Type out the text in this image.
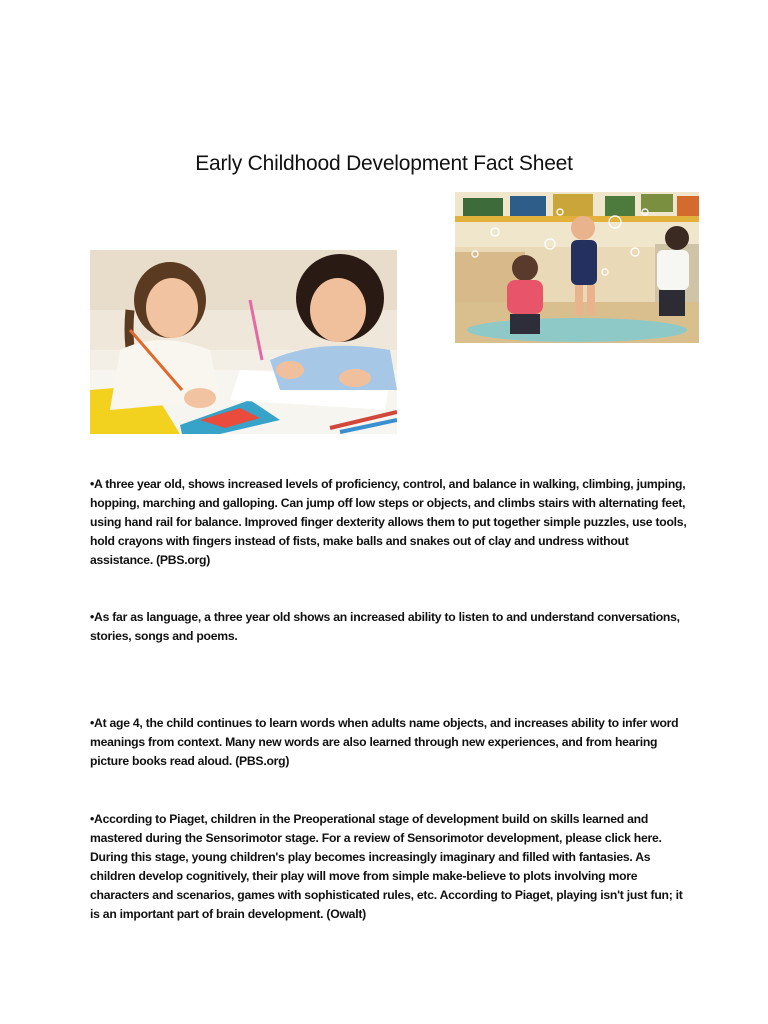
Early Childhood Development Fact Sheet

•A three year old, shows increased levels of proficiency, control, and balance in walking, climbing, jumping, hopping, marching and galloping. Can jump off low steps or objects, and climbs stairs with alternating feet, using hand rail for balance. Improved finger dexterity allows them to put together simple puzzles, use tools, hold crayons with fingers instead of fists, make balls and snakes out of clay and undress without assistance. (PBS.org)

•As far as language, a three year old shows an increased ability to listen to and understand conversations, stories, songs and poems.

•At age 4, the child continues to learn words when adults name objects, and increases ability to infer word meanings from context. Many new words are also learned through new experiences, and from hearing picture books read aloud. (PBS.org)

•According to Piaget, children in the Preoperational stage of development build on skills learned and mastered during the Sensorimotor stage. For a review of Sensorimotor development, please click here. During this stage, young children's play becomes increasingly imaginary and filled with fantasies. As children develop cognitively, their play will move from simple make-believe to plots involving more characters and scenarios, games with sophisticated rules, etc. According to Piaget, playing isn't just fun; it is an important part of brain development. (Owalt)
